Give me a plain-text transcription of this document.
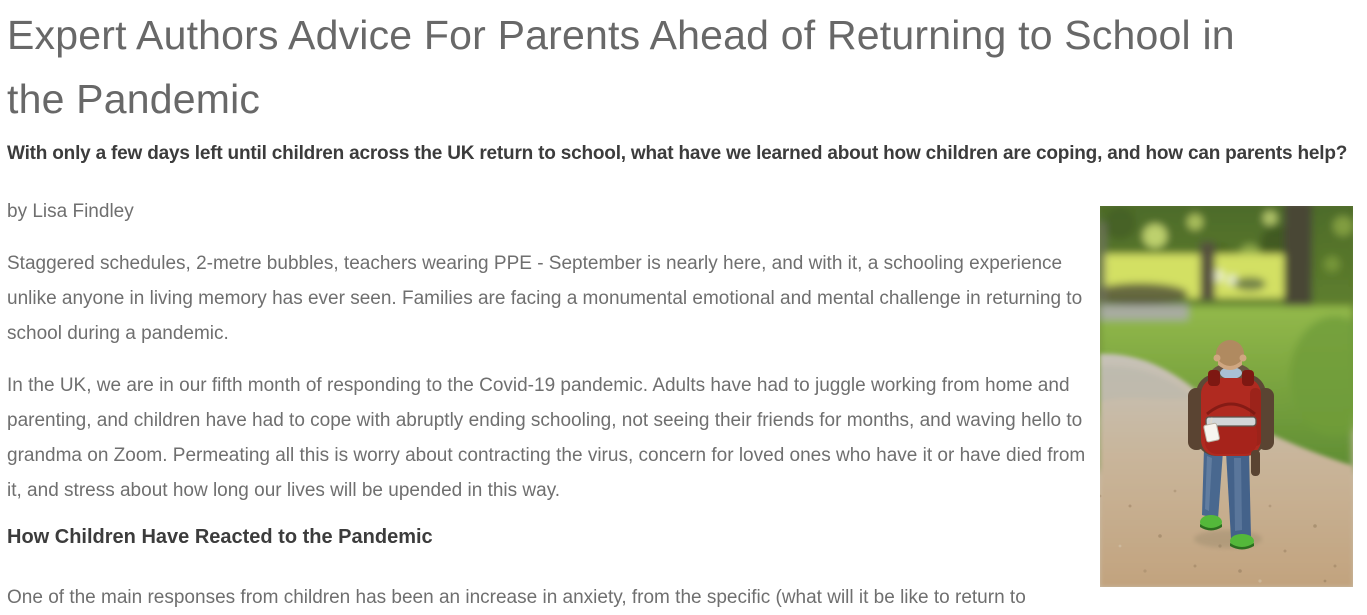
Expert Authors Advice For Parents Ahead of Returning to School in the Pandemic

With only a few days left until children across the UK return to school, what have we learned about how children are coping, and how can parents help?

by Lisa Findley

Staggered schedules, 2-metre bubbles, teachers wearing PPE - September is nearly here, and with it, a schooling experience unlike anyone in living memory has ever seen. Families are facing a monumental emotional and mental challenge in returning to school during a pandemic.

In the UK, we are in our fifth month of responding to the Covid-19 pandemic. Adults have had to juggle working from home and parenting, and children have had to cope with abruptly ending schooling, not seeing their friends for months, and waving hello to grandma on Zoom. Permeating all this is worry about contracting the virus, concern for loved ones who have it or have died from it, and stress about how long our lives will be upended in this way.

How Children Have Reacted to the Pandemic

One of the main responses from children has been an increase in anxiety, from the specific (what will it be like to return to
